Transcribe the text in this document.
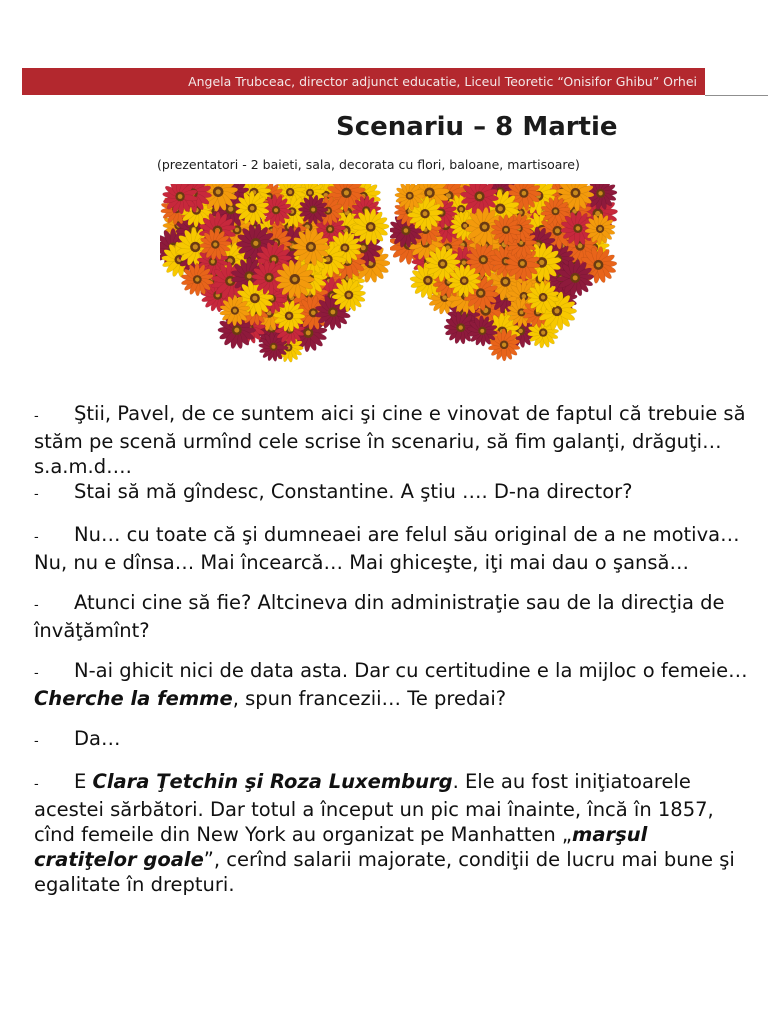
Angela Trubceac, director adjunct educatie, Liceul Teoretic “Onisifor Ghibu” Orhei
Scenariu – 8 Martie
(prezentatori - 2 baieti, sala, decorata cu flori, baloane, martisoare)

- Ştii, Pavel, de ce suntem aici şi cine e vinovat de faptul că trebuie să stăm pe scenă urmînd cele scrise în scenariu, să fim galanţi, drăguţi… s.a.m.d….

- Stai să mă gîndesc, Constantine. A ştiu …. D-na director?

- Nu… cu toate că şi dumneaei are felul său original de a ne motiva… Nu, nu e dînsa… Mai încearcă… Mai ghiceşte, iţi mai dau o şansă…

- Atunci cine să fie? Altcineva din administraţie sau de la direcţia de învăţămînt?

- N-ai ghicit nici de data asta. Dar cu certitudine e la mijloc o femeie… Cherche la femme, spun francezii… Te predai?

- Da…

- E Clara Ţetchin şi Roza Luxemburg. Ele au fost iniţiatoarele acestei sărbători. Dar totul a început un pic mai înainte, încă în 1857, cînd femeile din New York au organizat pe Manhatten „marşul cratiţelor goale”, cerînd salarii majorate, condiţii de lucru mai bune şi egalitate în drepturi.
